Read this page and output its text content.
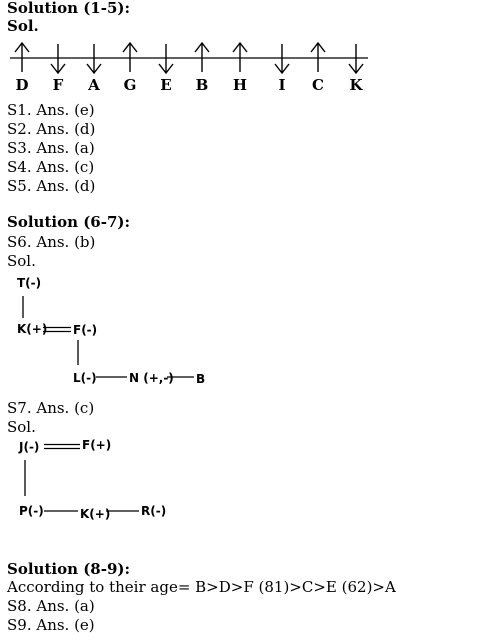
Solution (1-5):
Sol.
D	F	A	G	E	B	H	I	C	K
S1. Ans. (e)
S2. Ans. (d)
S3. Ans. (a)
S4. Ans. (c)
S5. Ans. (d)
Solution (6-7):
S6. Ans. (b)
Sol.
T(-)
K(+) F(-)
L(-)	N (+,-) B
S7. Ans. (c)
Sol.
J(-)	F(+)
P(-)	K(+)	R(-)
Solution (8-9):
According to their age= B>D>F (81)>C>E (62)>A
S8. Ans. (a)
S9. Ans. (e)
